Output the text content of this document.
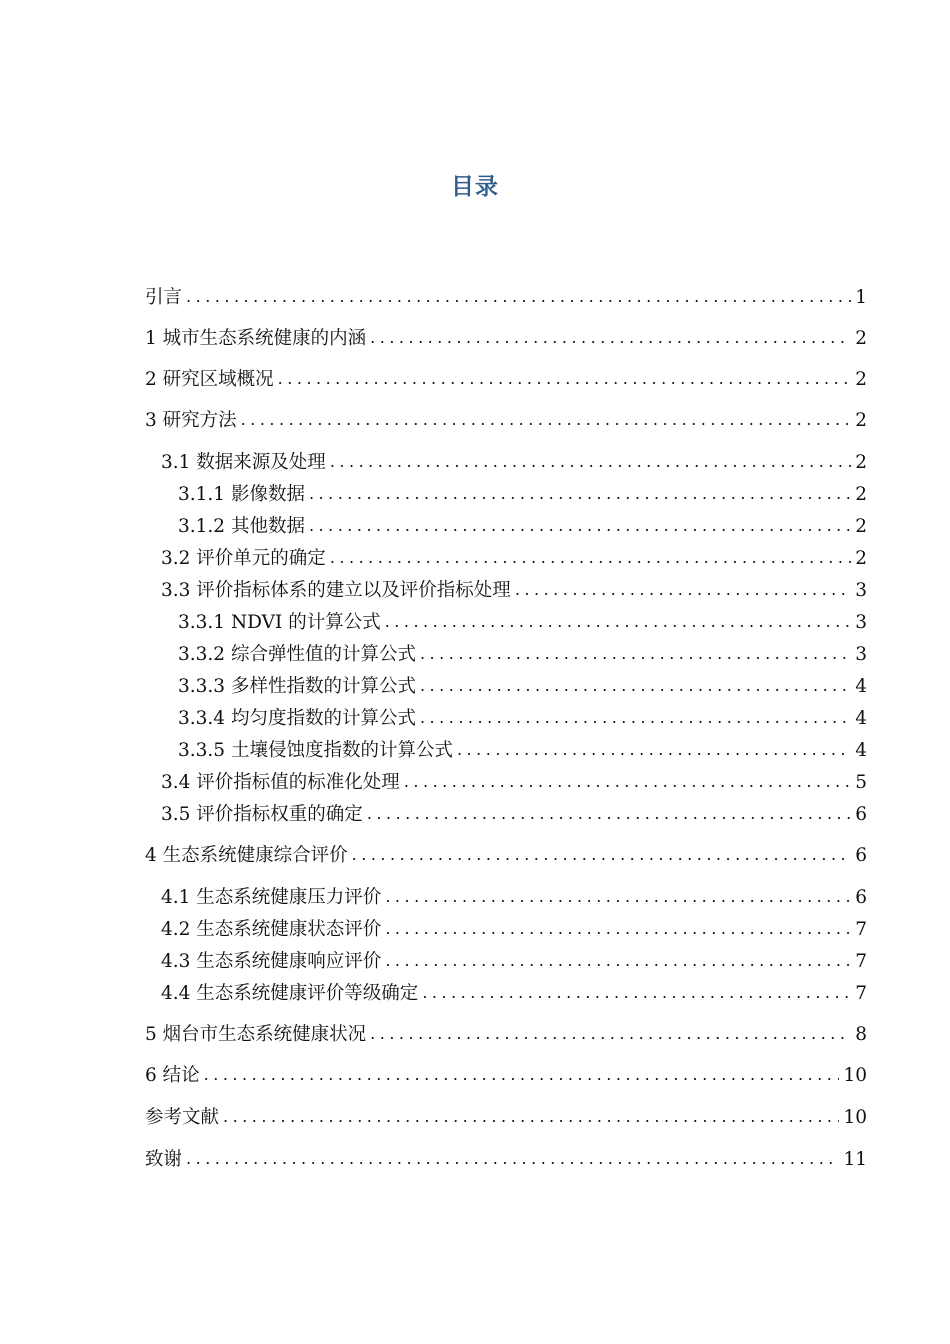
目录
引言 .....	1
1 城市生态系统健康的内涵 .....	2
2 研究区域概况 .....	2
3 研究方法 .....	2
3.1 数据来源及处理 .....	2
3.1.1 影像数据 .....	2
3.1.2 其他数据 .....	2
3.2 评价单元的确定 .....	2
3.3 评价指标体系的建立以及评价指标处理 .....	3
3.3.1 NDVI 的计算公式 .....	3
3.3.2 综合弹性值的计算公式 .....	3
3.3.3 多样性指数的计算公式 .....	4
3.3.4 均匀度指数的计算公式 .....	4
3.3.5 土壤侵蚀度指数的计算公式 .....	4
3.4 评价指标值的标准化处理 .....	5
3.5 评价指标权重的确定 .....	6
4 生态系统健康综合评价 .....	6
4.1 生态系统健康压力评价 .....	6
4.2 生态系统健康状态评价 .....	7
4.3 生态系统健康响应评价 .....	7
4.4 生态系统健康评价等级确定 .....	7
5 烟台市生态系统健康状况 .....	8
6 结论 .....	10
参考文献 .....	10
致谢 .....	11
